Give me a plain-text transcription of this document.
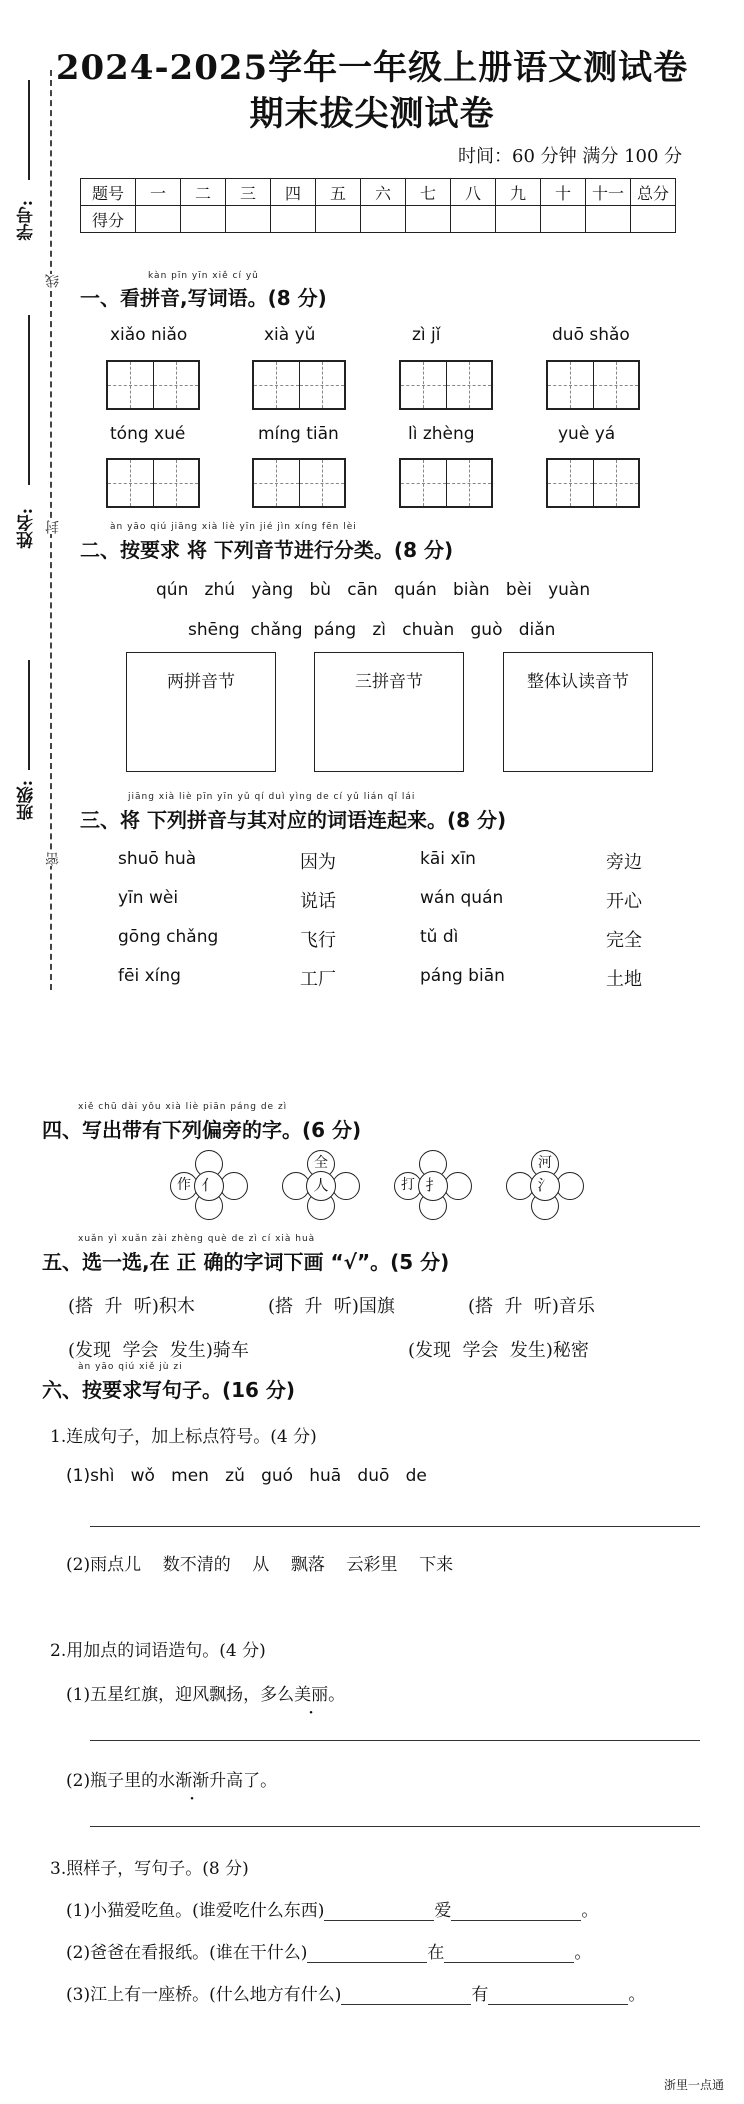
2024-2025学年一年级上册语文测试卷
期末拔尖测试卷
时间：60 分钟 满分 100 分
学号:
姓名:
班级:
线
封
密
题号	一	二	三	四	五	六	七	八	九	十	十一	总分
得分												
kàn pīn yīn xiě cí yǔ
一、看拼音,写词语。(8 分)
xiǎo niǎo	xià yǔ	zì jǐ	duō shǎo
tóng xué	míng tiān	lì zhèng	yuè yá
àn yāo qiú jiāng xià liè yīn jié jìn xíng fēn lèi
二、按要求 将 下列音节进行分类。(8 分)
qún   zhú   yàng   bù   cān   quán   biàn   bèi   yuàn
shēng  chǎng  páng   zì   chuàn   guò   diǎn
两拼音节	三拼音节	整体认读音节
jiāng xià liè pīn yīn yǔ qí duì yìng de cí yǔ lián qǐ lái
三、将 下列拼音与其对应的词语连起来。(8 分)
shuō huà	因为	kāi xīn	旁边
yīn wèi	说话	wán quán	开心
gōng chǎng	飞行	tǔ dì	完全
fēi xíng	工厂	páng biān	土地
xiě chū dài yǒu xià liè piān páng de zì
四、写出带有下列偏旁的字。(6 分)
作 亻
全
人	打 扌
河
氵
xuǎn yì xuǎn zài zhèng què de zì cí xià huà
五、选一选,在 正 确的字词下画 “√”。(5 分)
(搭  升  听)积木	(搭  升  听)国旗	(搭  升  听)音乐
(发现  学会  发生)骑车	(发现  学会  发生)秘密
àn yāo qiú xiě jù zi
六、按要求写句子。(16 分)
1.连成句子，加上标点符号。(4 分)
(1)shì   wǒ   men   zǔ   guó   huā   duō   de
(2)雨点儿    数不清的    从    飘落    云彩里    下来
2.用加点的词语造句。(4 分)
(1)五星红旗，迎风飘扬，多么美丽。
(2)瓶子里的水渐渐升高了。
3.照样子，写句子。(8 分)
(1)小猫爱吃鱼。(谁爱吃什么东西)	爱	。
(2)爸爸在看报纸。(谁在干什么)	在	。
(3)江上有一座桥。(什么地方有什么)	有	。
浙里一点通
